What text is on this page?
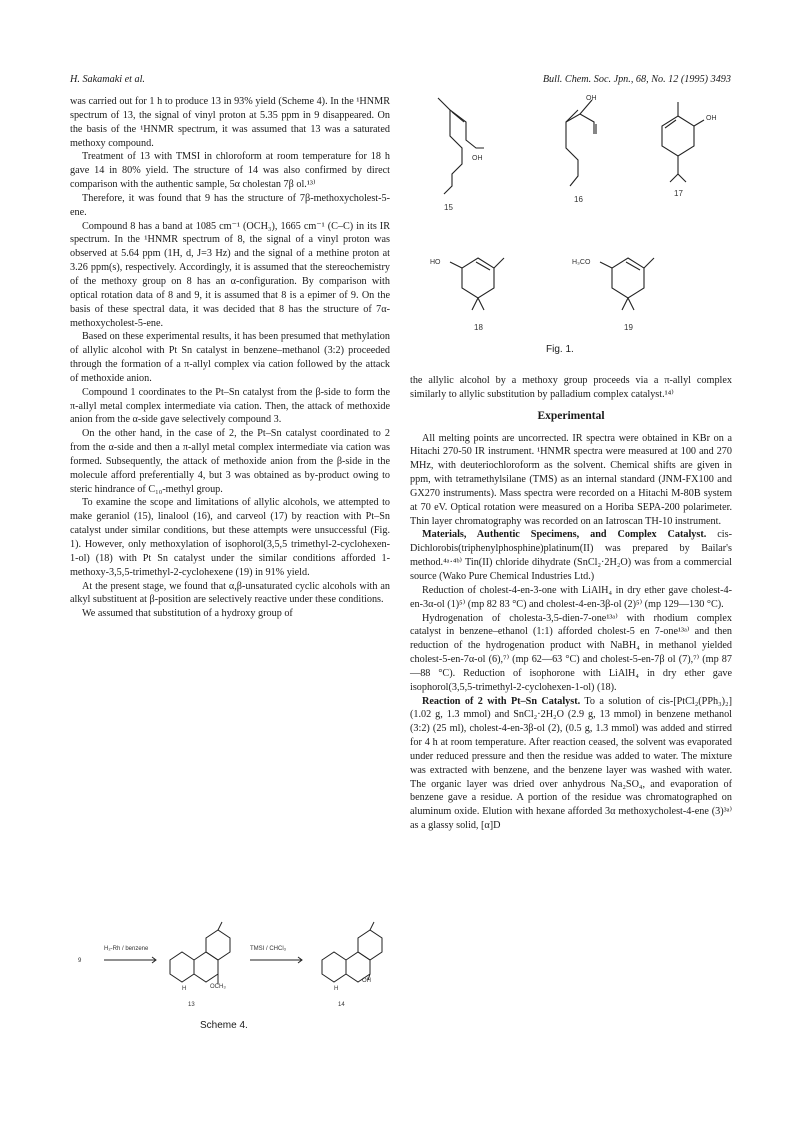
H. Sakamaki et al.	Bull. Chem. Soc. Jpn., 68, No. 12 (1995) 3493

was carried out for 1 h to produce 13 in 93% yield (Scheme 4). In the ¹HNMR spectrum of 13, the signal of vinyl proton at 5.35 ppm in 9 disappeared. On the basis of the ¹HNMR spectrum, it was assumed that 13 was a saturated methoxy compound.

Treatment of 13 with TMSI in chloroform at room temperature for 18 h gave 14 in 80% yield. The structure of 14 was also confirmed by direct comparison with the authentic sample, 5α cholestan 7β ol.¹³⁾

Therefore, it was found that 9 has the structure of 7β-methoxycholest-5-ene.

Compound 8 has a band at 1085 cm⁻¹ (OCH₃), 1665 cm⁻¹ (C–C) in its IR spectrum. In the ¹HNMR spectrum of 8, the signal of a vinyl proton was observed at 5.64 ppm (1H, d, J=3 Hz) and the signal of a methine proton at 3.26 ppm(s), respectively. Accordingly, it is assumed that the stereochemistry of the methoxy group on 8 has an α-configuration. By comparison with optical rotation data of 8 and 9, it is assumed that 8 is a epimer of 9. On the basis of these spectral data, it was decided that 8 has the structure of 7α-methoxycholest-5-ene.

Based on these experimental results, it has been presumed that methylation of allylic alcohol with Pt Sn catalyst in benzene–methanol (3:2) proceeded through the formation of a π-allyl complex via cation followed by the attack of methoxide anion.

Compound 1 coordinates to the Pt–Sn catalyst from the β-side to form the π-allyl metal complex intermediate via cation. Then, the attack of methoxide anion from the α-side gave selectively compound 3.

On the other hand, in the case of 2, the Pt–Sn catalyst coordinated to 2 from the α-side and then a π-allyl metal complex intermediate via cation was formed. Subsequently, the attack of methoxide anion from the β-side in the molecule afford preferentially 4, but 3 was obtained as by-product owing to steric hindrance of C₁₀-methyl group.

To examine the scope and limitations of allylic alcohols, we attempted to make geraniol (15), linalool (16), and carveol (17) by reaction with Pt–Sn catalyst under similar conditions, but these attempts were unsuccessful (Fig. 1). However, only methoxylation of isophorol(3,5,5 trimethyl-2-cyclohexen-1-ol) (18) with Pt Sn catalyst under the similar conditions afforded 1-methoxy-3,5,5-trimethyl-2-cyclohexene (19) in 91% yield.

At the present stage, we found that α,β-unsaturated cyclic alcohols with an alkyl substituent at β-position are selectively reactive under these conditions.

We assumed that substitution of a hydroxy group of

OH
OH
OH
HO	H₃CO
15
16
17
18	19
Fig. 1.

the allylic alcohol by a methoxy group proceeds via a π-allyl complex similarly to allylic substitution by palladium complex catalyst.¹⁴⁾

Experimental

All melting points are uncorrected. IR spectra were obtained in KBr on a Hitachi 270-50 IR instrument. ¹HNMR spectra were measured at 100 and 270 MHz, with deuteriochloroform as the solvent. Chemical shifts are given in ppm, with tetramethylsilane (TMS) as an internal standard (JNM-FX100 and GX270 instruments). Mass spectra were recorded on a Hitachi M-80B system at 70 eV. Optical rotation were measured on a Horiba SEPA-200 polarimeter. Thin layer chromatography was recorded on an Iatroscan TH-10 instrument.

Materials, Authentic Specimens, and Complex Catalyst. cis-Dichlorobis(triphenylphosphine)platinum(II) was prepared by Bailar's method.⁴ᵃ·⁴ᵇ⁾ Tin(II) chloride dihydrate (SnCl₂·2H₂O) was from a commercial source (Wako Pure Chemical Industries Ltd.)

Reduction of cholest-4-en-3-one with LiAlH₄ in dry ether gave cholest-4-en-3α-ol (1)⁵⁾ (mp 82 83 °C) and cholest-4-en-3β-ol (2)⁵⁾ (mp 129—130 °C).

Hydrogenation of cholesta-3,5-dien-7-one¹³ᵃ⁾ with rhodium complex catalyst in benzene–ethanol (1:1) afforded cholest-5 en 7-one¹³ᵃ⁾ and then reduction of the hydrogenation product with NaBH₄ in methanol yielded cholest-5-en-7α-ol (6),⁷⁾ (mp 62—63 °C) and cholest-5-en-7β ol (7),⁷⁾ (mp 87—88 °C). Reduction of isophorone with LiAlH₄ in dry ether gave isophorol(3,5,5-trimethyl-2-cyclohexen-1-ol) (18).

Reaction of 2 with Pt–Sn Catalyst. To a solution of cis-[PtCl₂(PPh₃)₂] (1.02 g, 1.3 mmol) and SnCl₂·2H₂O (2.9 g, 13 mmol) in benzene methanol (3:2) (25 ml), cholest-4-en-3β-ol (2), (0.5 g, 1.3 mmol) was added and stirred for 4 h at room temperature. After reaction ceased, the solvent was evaporated under reduced pressure and then the residue was added to water. The mixture was extracted with benzene, and the benzene layer was washed with water. The organic layer was dried over anhydrous Na₂SO₄, and evaporation of benzene gave a residue. A portion of the residue was chromatographed on aluminum oxide. Elution with hexane afforded 3α methoxycholest-4-ene (3)³ᵃ⁾ as a glassy solid, [α]D

9
H₂-Rh / benzene	TMSI / CHCl₃
OCH₃
OH
H	H
13	14
Scheme 4.
